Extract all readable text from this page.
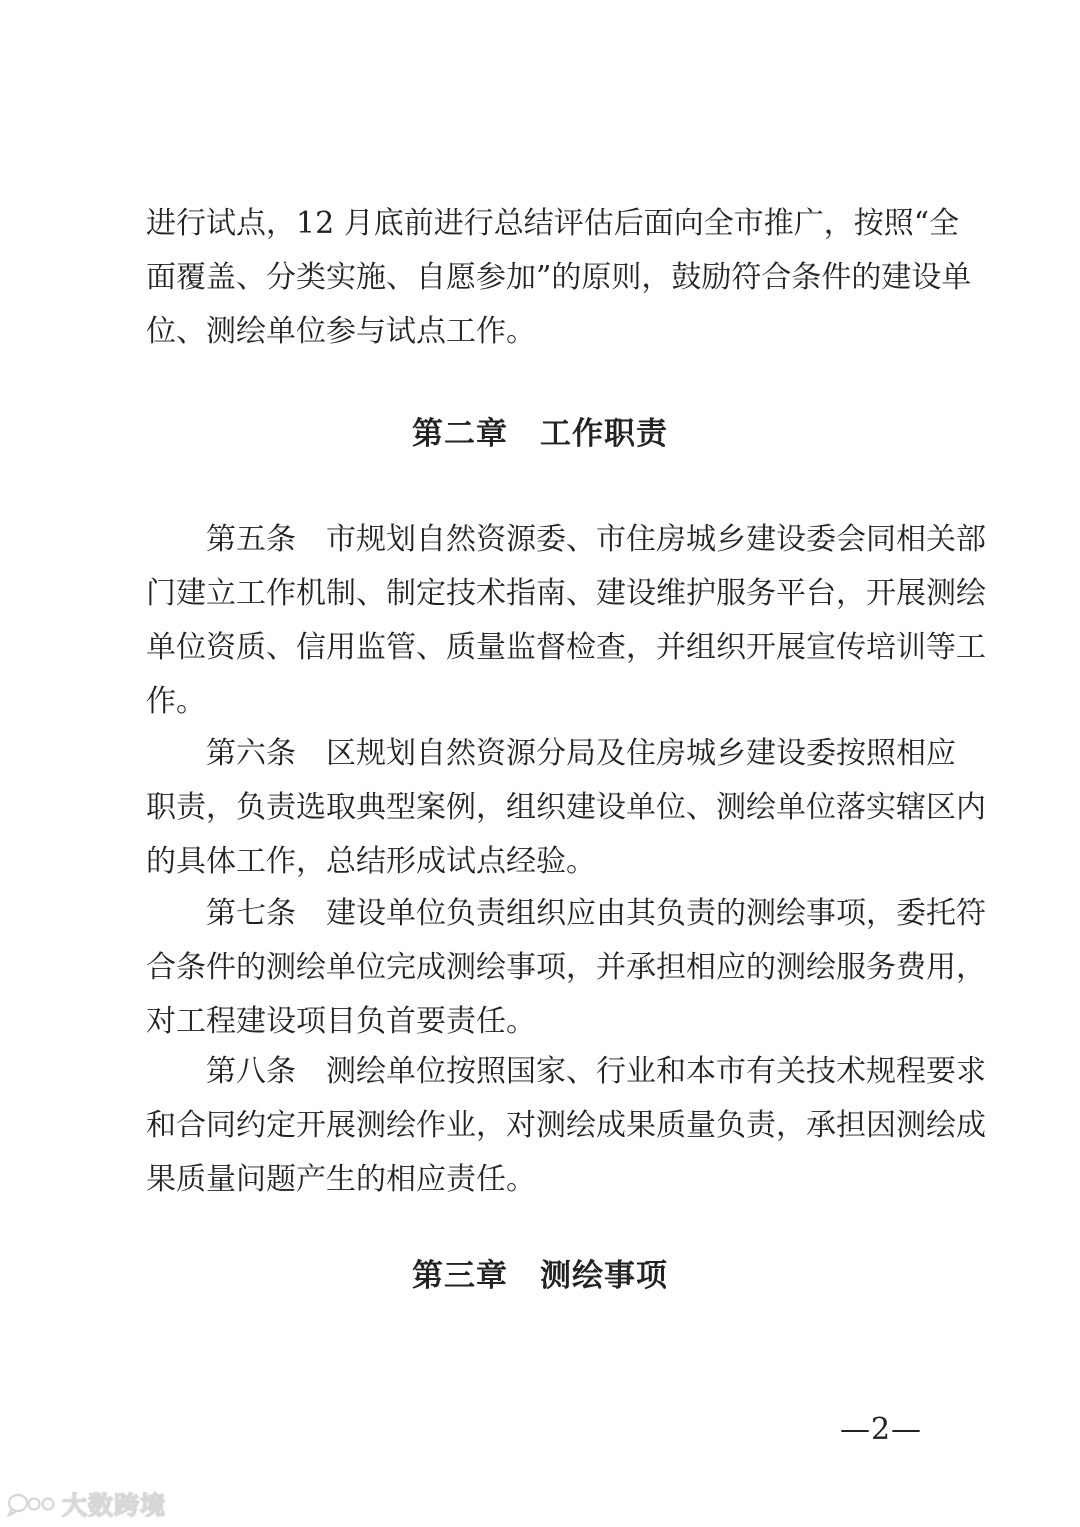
进行试点，12 月底前进行总结评估后面向全市推广，按照“全
面覆盖、分类实施、自愿参加”的原则，鼓励符合条件的建设单
位、测绘单位参与试点工作。
第二章　工作职责
　　第五条　市规划自然资源委、市住房城乡建设委会同相关部
门建立工作机制、制定技术指南、建设维护服务平台，开展测绘
单位资质、信用监管、质量监督检查，并组织开展宣传培训等工
作。
　　第六条　区规划自然资源分局及住房城乡建设委按照相应
职责，负责选取典型案例，组织建设单位、测绘单位落实辖区内
的具体工作，总结形成试点经验。
　　第七条　建设单位负责组织应由其负责的测绘事项，委托符
合条件的测绘单位完成测绘事项，并承担相应的测绘服务费用，
对工程建设项目负首要责任。
　　第八条　测绘单位按照国家、行业和本市有关技术规程要求
和合同约定开展测绘作业，对测绘成果质量负责，承担因测绘成
果质量问题产生的相应责任。
第三章　测绘事项
—2—
大数跨境
